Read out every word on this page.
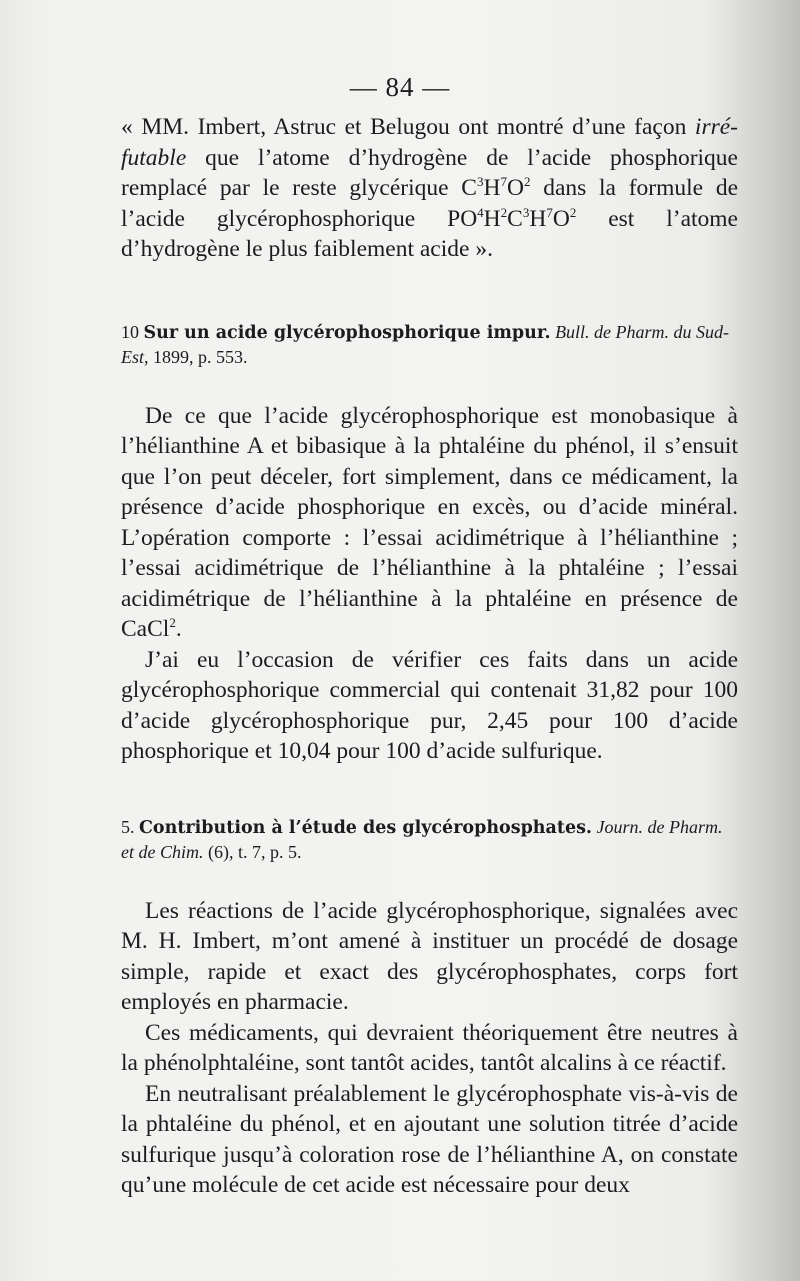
— 84 —

« MM. Imbert, Astruc et Belugou ont montré d’une façon irré- futable que l’atome d’hydrogène de l’acide phosphorique remplacé par le reste glycérique $C^3H^7O^2$ dans la formule de l’acide glycérophosphorique $PO^4H^2C^3H^7O^2$ est l’atome d’hydrogène le plus faiblement acide ».

10 Sur un acide glycérophosphorique impur. Bull. de Pharm. du Sud-Est, 1899, p. 553.

De ce que l’acide glycérophosphorique est monobasique à l’hélianthine A et bibasique à la phtaléine du phénol, il s’ensuit que l’on peut déceler, fort simplement, dans ce médicament, la présence d’acide phosphorique en excès, ou d’acide minéral. L’opération comporte : l’essai acidimétrique à l’hélianthine ; l’essai acidimétrique de l’hélianthine à la phtaléine ; l’essai acidimétrique de l’hélianthine à la phtaléine en présence de CaCl$^2$.

J’ai eu l’occasion de vérifier ces faits dans un acide glycérophosphorique commercial qui contenait 31,82 pour 100 d’acide glycérophosphorique pur, 2,45 pour 100 d’acide phosphorique et 10,04 pour 100 d’acide sulfurique.

5. Contribution à l’étude des glycérophosphates. Journ. de Pharm. et de Chim. (6), t. 7, p. 5.

Les réactions de l’acide glycérophosphorique, signalées avec M. H. Imbert, m’ont amené à instituer un procédé de dosage simple, rapide et exact des glycérophosphates, corps fort employés en pharmacie.

Ces médicaments, qui devraient théoriquement être neutres à la phénolphtaléine, sont tantôt acides, tantôt alcalins à ce réactif.

En neutralisant préalablement le glycérophosphate vis-à-vis de la phtaléine du phénol, et en ajoutant une solution titrée d’acide sulfurique jusqu’à coloration rose de l’hélianthine A, on constate qu’une molécule de cet acide est nécessaire pour deux
